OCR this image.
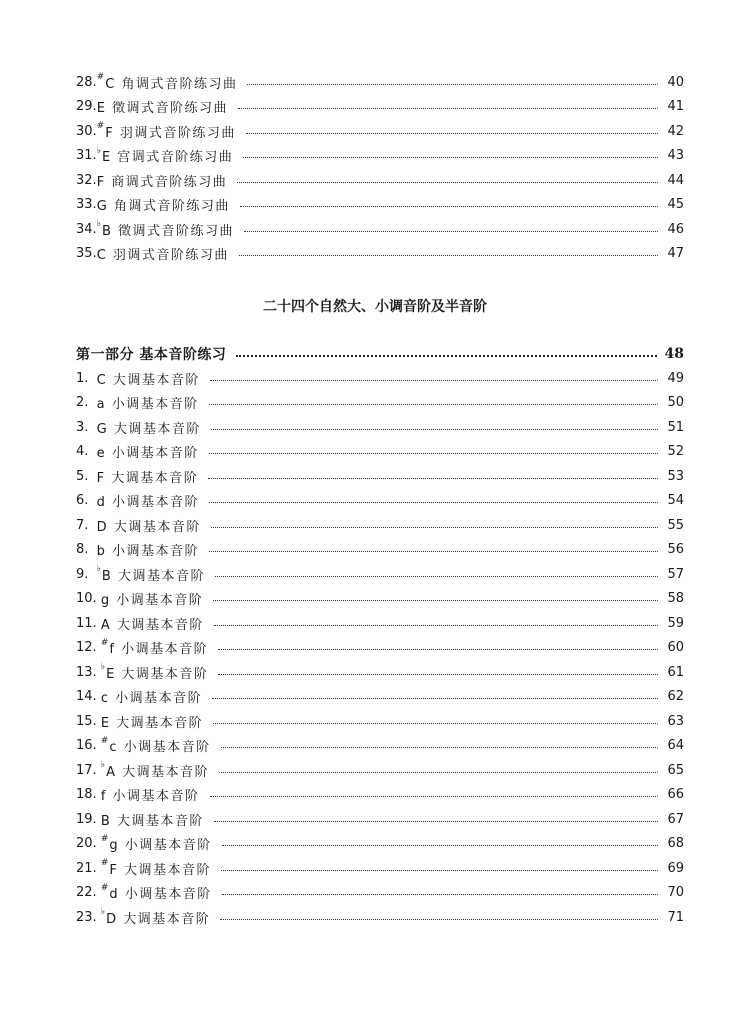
28. # C 角调式音阶练习曲	40
29. E 徵调式音阶练习曲	41
30. # F 羽调式音阶练习曲	42
31. ♭ E 宫调式音阶练习曲	43
32. F 商调式音阶练习曲	44
33. G 角调式音阶练习曲	45
34. ♭ B 徵调式音阶练习曲	46
35. C 羽调式音阶练习曲	47
二十四个自然大、小调音阶及半音阶
第一部分 基本音阶练习	48
1. C 大调基本音阶	49
2. a 小调基本音阶	50
3. G 大调基本音阶	51
4. e 小调基本音阶	52
5. F 大调基本音阶	53
6. d 小调基本音阶	54
7. D 大调基本音阶	55
8. b 小调基本音阶	56
9. ♭ B 大调基本音阶	57
10. g 小调基本音阶	58
11. A 大调基本音阶	59
12. # f 小调基本音阶	60
13. ♭ E 大调基本音阶	61
14. c 小调基本音阶	62
15. E 大调基本音阶	63
16. # c 小调基本音阶	64
17. ♭ A 大调基本音阶	65
18. f 小调基本音阶	66
19. B 大调基本音阶	67
20. # g 小调基本音阶	68
21. # F 大调基本音阶	69
22. # d 小调基本音阶	70
23. ♭ D 大调基本音阶	71
